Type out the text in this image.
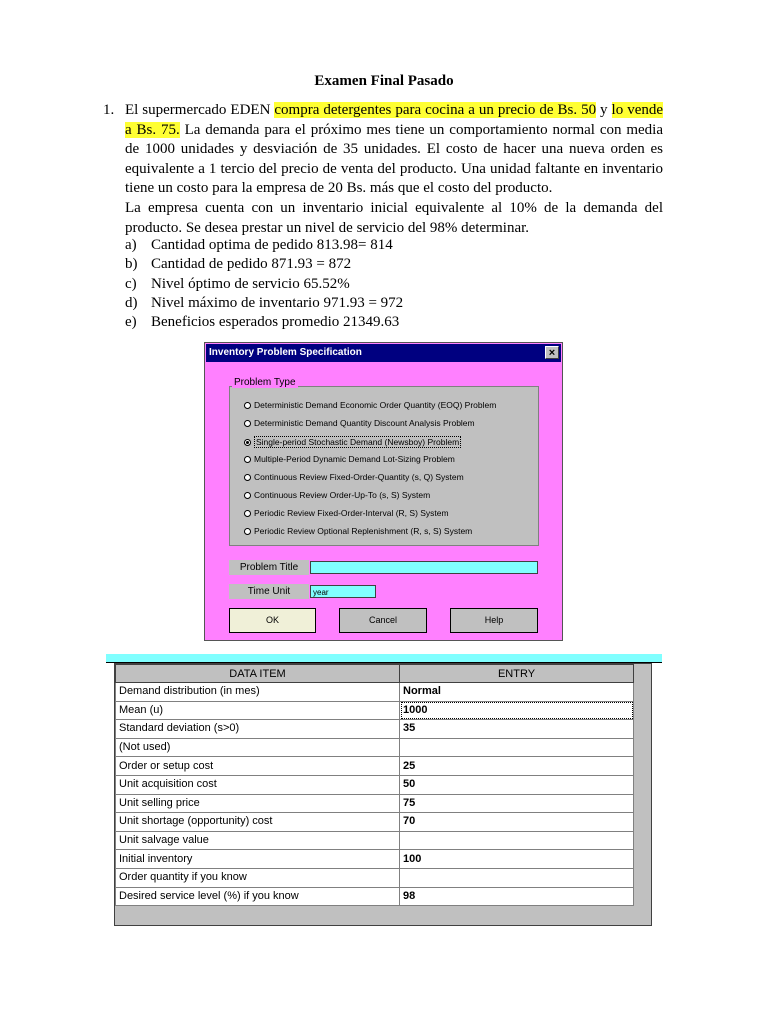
Examen Final Pasado
1. El supermercado EDEN compra detergentes para cocina a un precio de Bs. 50 y lo vende a Bs. 75. La demanda para el próximo mes tiene un comportamiento normal con media de 1000 unidades y desviación de 35 unidades. El costo de hacer una nueva orden es equivalente a 1 tercio del precio de venta del producto. Una unidad faltante en inventario tiene un costo para la empresa de 20 Bs. más que el costo del producto.
La empresa cuenta con un inventario inicial equivalente al 10% de la demanda del producto. Se desea prestar un nivel de servicio del 98% determinar.
a) Cantidad optima de pedido 813.98= 814
b) Cantidad de pedido 871.93 = 872
c) Nivel óptimo de servicio 65.52%
d) Nivel máximo de inventario 971.93 = 972
e) Beneficios esperados promedio 21349.63
Inventory Problem Specification	×
Deterministic Demand Economic Order Quantity (EOQ) Problem
Deterministic Demand Quantity Discount Analysis Problem
Single-period Stochastic Demand (Newsboy) Problem
Multiple-Period Dynamic Demand Lot-Sizing Problem
Continuous Review Fixed-Order-Quantity (s, Q) System
Continuous Review Order-Up-To (s, S) System
Periodic Review Fixed-Order-Interval (R, S) System
Periodic Review Optional Replenishment (R, s, S) System
Problem Type
Problem Title
Time Unit	year
OK	Cancel	Help
DATA ITEM	ENTRY
Demand distribution (in mes)	Normal
Mean (u)	1000
Standard deviation (s>0)	35
(Not used)	
Order or setup cost	25
Unit acquisition cost	50
Unit selling price	75
Unit shortage (opportunity) cost	70
Unit salvage value	
Initial inventory	100
Order quantity if you know	
Desired service level (%) if you know	98
